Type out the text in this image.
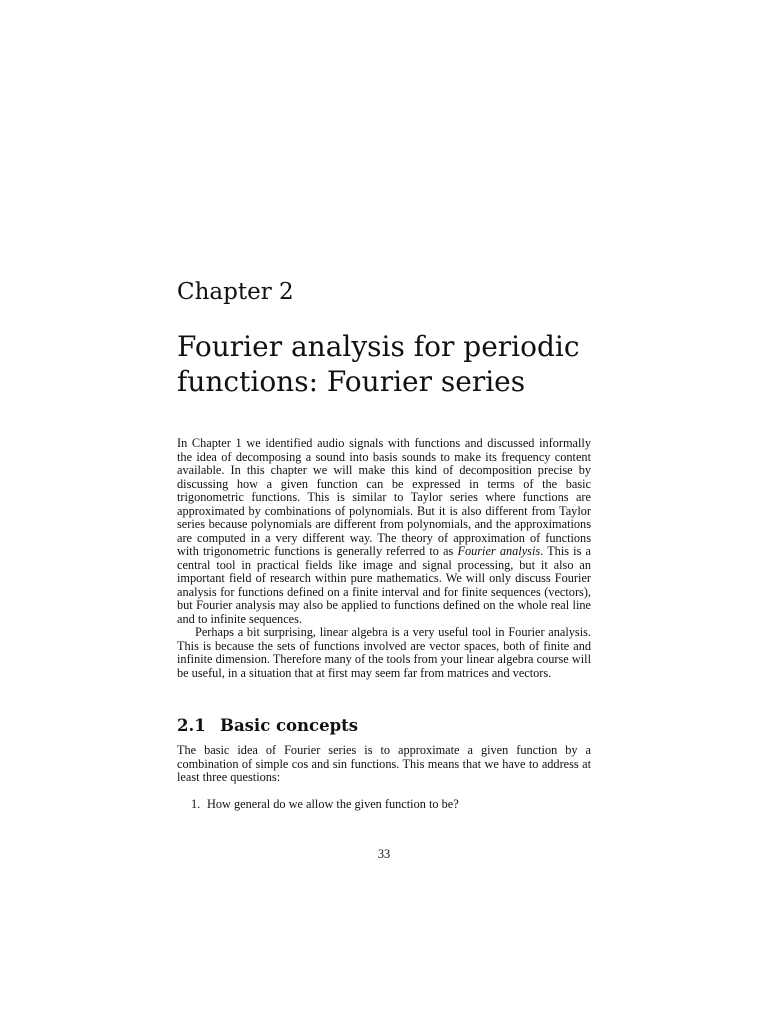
Chapter 2
Fourier analysis for periodic functions: Fourier series

In Chapter 1 we identified audio signals with functions and discussed informally the idea of decomposing a sound into basis sounds to make its frequency content available. In this chapter we will make this kind of decomposition precise by discussing how a given function can be expressed in terms of the basic trigonometric functions. This is similar to Taylor series where functions are approximated by combinations of polynomials. But it is also different from Taylor series because polynomials are different from polynomials, and the approximations are computed in a very different way. The theory of approximation of functions with trigonometric functions is generally referred to as Fourier analysis. This is a central tool in practical fields like image and signal processing, but it also an important field of research within pure mathematics. We will only discuss Fourier analysis for functions defined on a finite interval and for finite sequences (vectors), but Fourier analysis may also be applied to functions defined on the whole real line and to infinite sequences.

Perhaps a bit surprising, linear algebra is a very useful tool in Fourier analysis. This is because the sets of functions involved are vector spaces, both of finite and infinite dimension. Therefore many of the tools from your linear algebra course will be useful, in a situation that at first may seem far from matrices and vectors.

2.1 Basic concepts

The basic idea of Fourier series is to approximate a given function by a combination of simple cos and sin functions. This means that we have to address at least three questions:

1. How general do we allow the given function to be?
33
